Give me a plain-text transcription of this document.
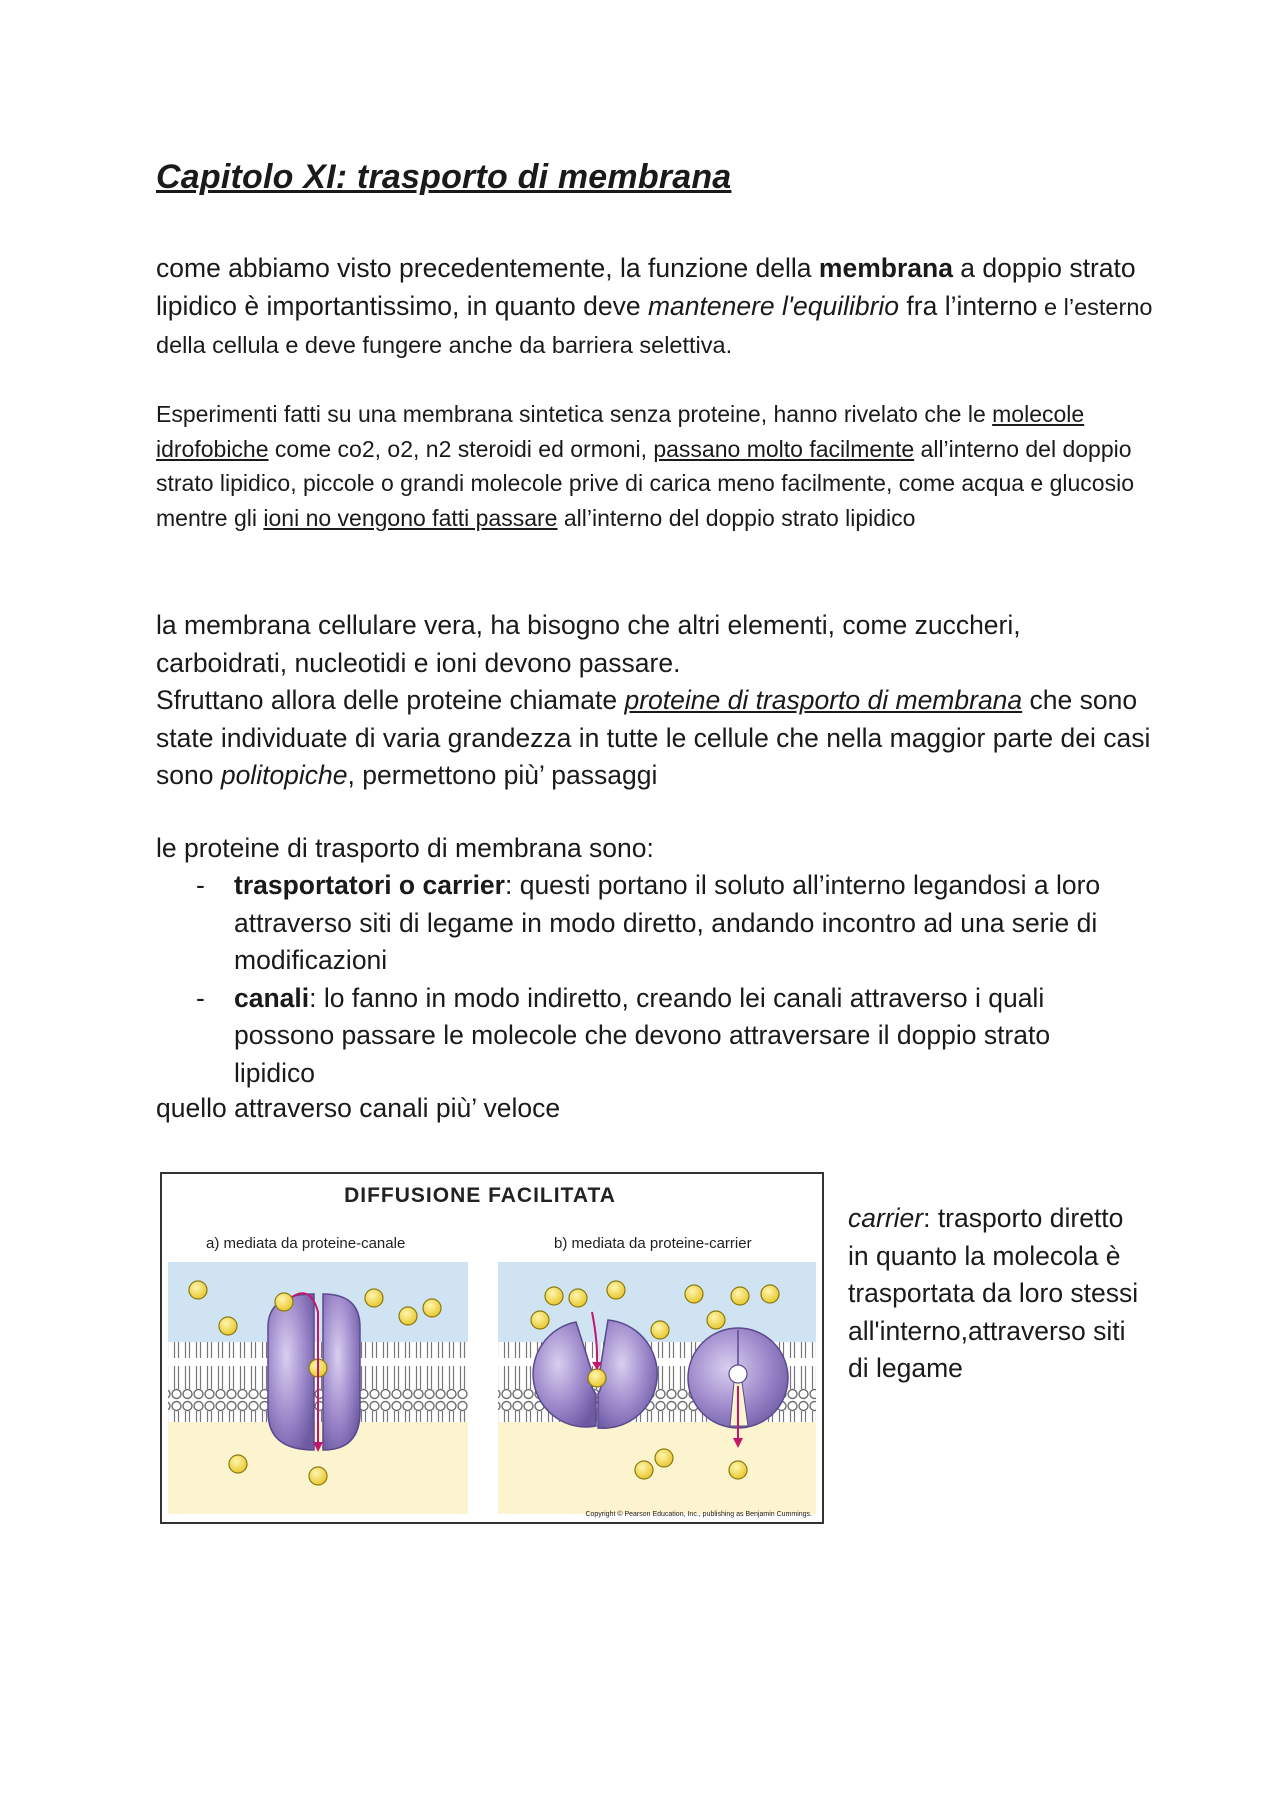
Capitolo XI: trasporto di membrana

come abbiamo visto precedentemente, la funzione della membrana a doppio strato lipidico è importantissimo, in quanto deve mantenere l'equilibrio fra l’interno e l’esterno della cellula e deve fungere anche da barriera selettiva.

Esperimenti fatti su una membrana sintetica senza proteine, hanno rivelato che le molecole idrofobiche come co2, o2, n2 steroidi ed ormoni, passano molto facilmente all’interno del doppio strato lipidico, piccole o grandi molecole prive di carica meno facilmente, come acqua e glucosio mentre gli ioni no vengono fatti passare all’interno del doppio strato lipidico

la membrana cellulare vera, ha bisogno che altri elementi, come zuccheri, carboidrati, nucleotidi e ioni devono passare.
Sfruttano allora delle proteine chiamate proteine di trasporto di membrana che sono state individuate di varia grandezza in tutte le cellule che nella maggior parte dei casi sono politopiche, permettono più’ passaggi

le proteine di trasporto di membrana sono:

- trasportatori o carrier: questi portano il soluto all’interno legandosi a loro attraverso siti di legame in modo diretto, andando incontro ad una serie di modificazioni
- canali: lo fanno in modo indiretto, creando lei canali attraverso i quali possono passare le molecole che devono attraversare il doppio strato lipidico

quello attraverso canali più’ veloce

DIFFUSIONE FACILITATA
a) mediata da proteine-canale	b) mediata da proteine-carrier
Copyright © Pearson Education, Inc., publishing as Benjamin Cummings.

carrier: trasporto diretto in quanto la molecola è trasportata da loro stessi all'interno,attraverso siti di legame
